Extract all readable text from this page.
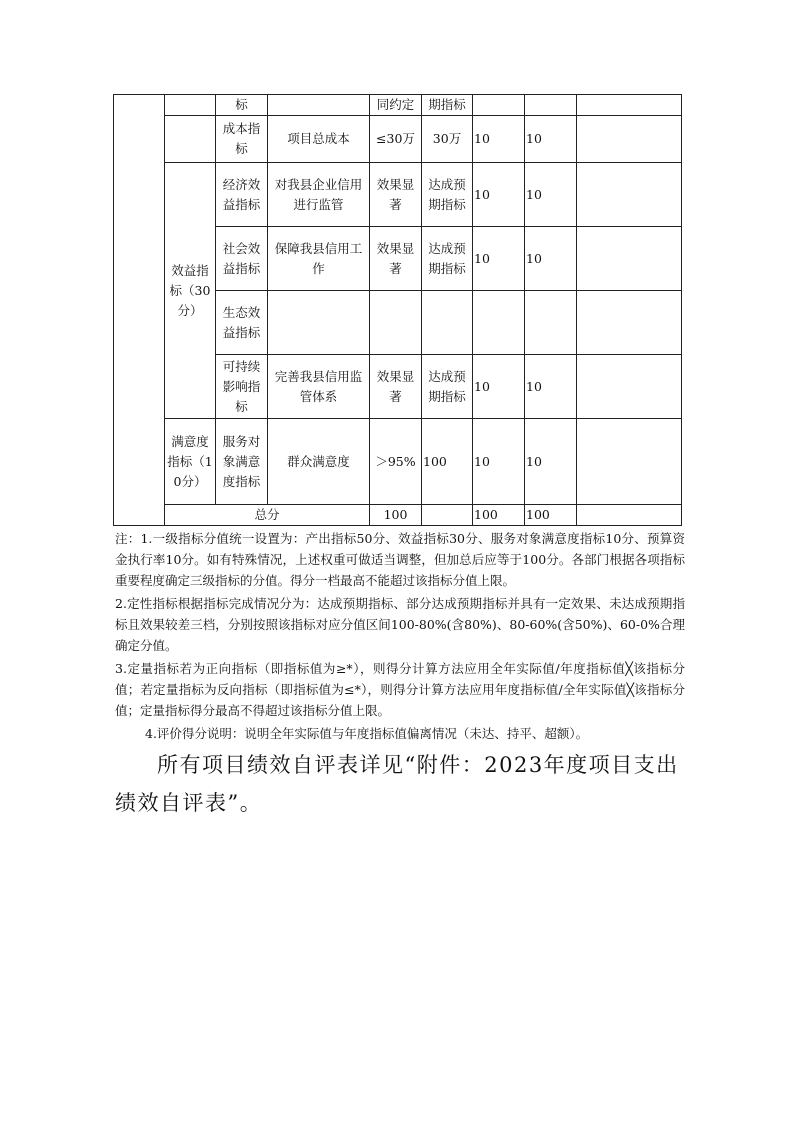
		标		同约定	期指标			
		成本指标	项目总成本	≤30万	30万	10	10	
	效益指标（30分）	经济效益指标	对我县企业信用进行监管	效果显著	达成预期指标	10	10	
		社会效益指标	保障我县信用工作	效果显著	达成预期指标	10	10	
		生态效益指标						
		可持续影响指标	完善我县信用监管体系	效果显著	达成预期指标	10	10	
	满意度指标（10分）	服务对象满意度指标	群众满意度	＞95%	100	10	10	
	总分			100		100	100	

注：1.一级指标分值统一设置为：产出指标50分、效益指标30分、服务对象满意度指标10分、预算资金执行率10分。如有特殊情况，上述权重可做适当调整，但加总后应等于100分。各部门根据各项指标重要程度确定三级指标的分值。得分一档最高不能超过该指标分值上限。

2.定性指标根据指标完成情况分为：达成预期指标、部分达成预期指标并具有一定效果、未达成预期指标且效果较差三档，分别按照该指标对应分值区间100-80%(含80%)、80-60%(含50%)、60-0%合理确定分值。

3.定量指标若为正向指标（即指标值为≥*），则得分计算方法应用全年实际值/年度指标值╳该指标分值；若定量指标为反向指标（即指标值为≤*），则得分计算方法应用年度指标值/全年实际值╳该指标分值；定量指标得分最高不得超过该指标分值上限。

4.评价得分说明：说明全年实际值与年度指标值偏离情况（未达、持平、超额）。

所有项目绩效自评表详见“附件：2023年度项目支出绩效自评表”。
